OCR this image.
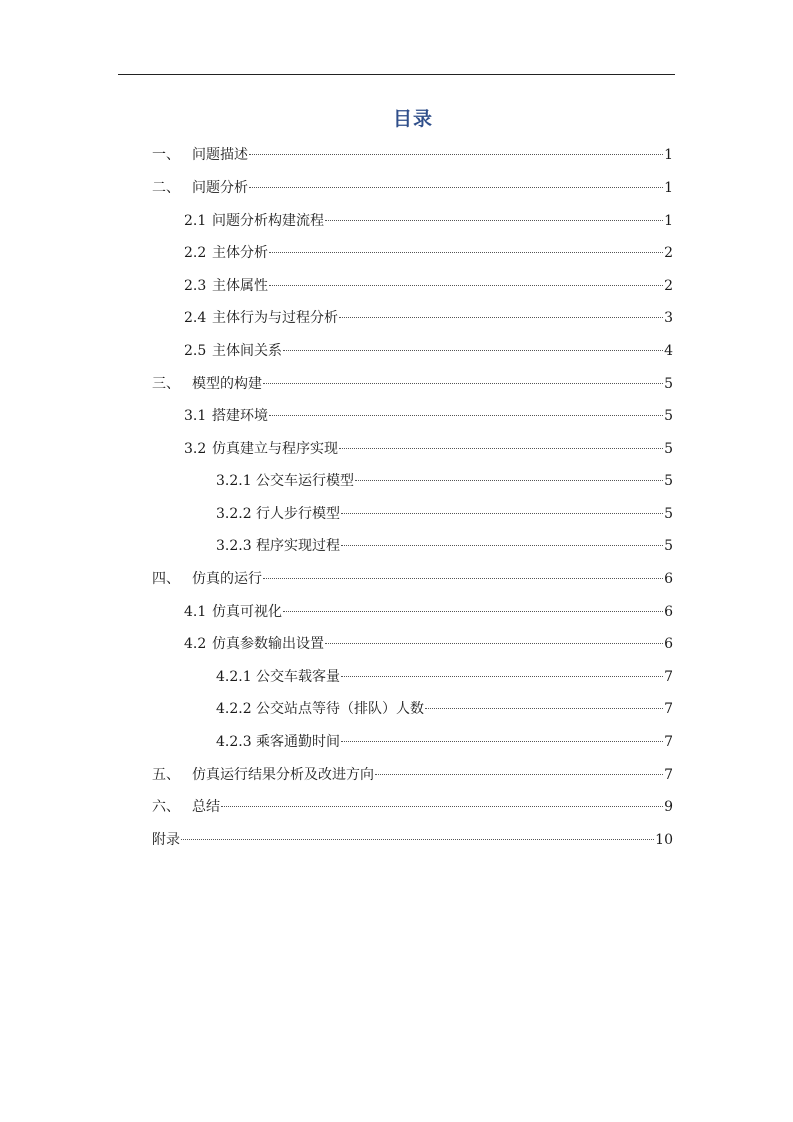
目录
一、 问题描述	1
二、 问题分析	1
2.1 问题分析构建流程	1
2.2 主体分析	2
2.3 主体属性	2
2.4 主体行为与过程分析	3
2.5 主体间关系	4
三、 模型的构建	5
3.1 搭建环境	5
3.2 仿真建立与程序实现	5
3.2.1 公交车运行模型	5
3.2.2 行人步行模型	5
3.2.3 程序实现过程	5
四、 仿真的运行	6
4.1 仿真可视化	6
4.2 仿真参数输出设置	6
4.2.1 公交车载客量	7
4.2.2 公交站点等待（排队）人数	7
4.2.3 乘客通勤时间	7
五、 仿真运行结果分析及改进方向	7
六、 总结	9
附录	10
